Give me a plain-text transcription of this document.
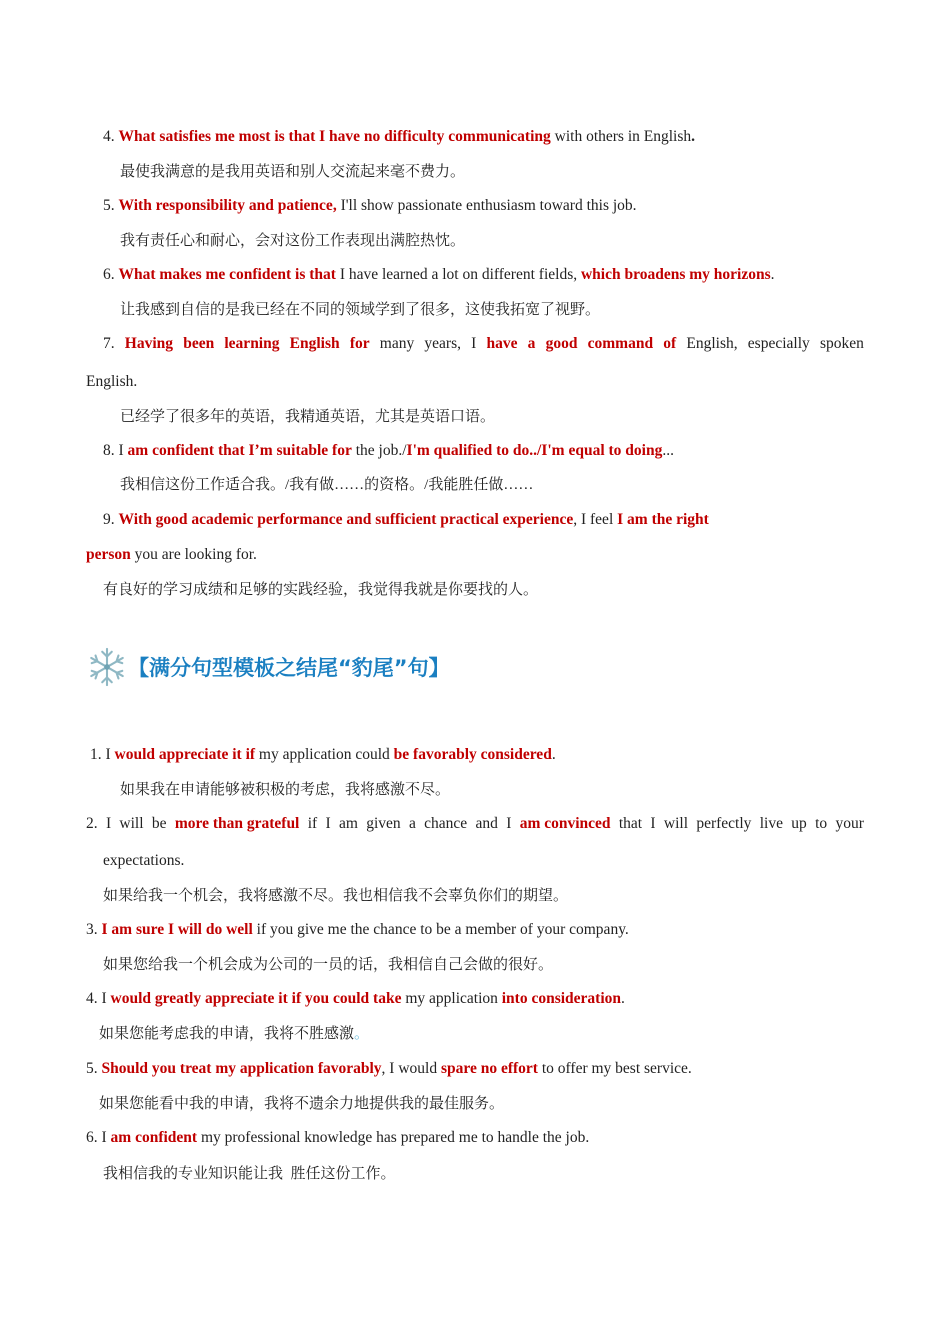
4. What satisfies me most is that I have no difficulty communicating with others in English.
最使我满意的是我用英语和别人交流起来毫不费力。
5. With responsibility and patience, I'll show passionate enthusiasm toward this job.
我有责任心和耐心，会对这份工作表现出满腔热忱。
6. What makes me confident is that I have learned a lot on different fields, which broadens my horizons.
让我感到自信的是我已经在不同的领域学到了很多，这使我拓宽了视野。
7. Having been learning English for many years, I have a good command of English, especially spoken
English.
已经学了很多年的英语，我精通英语，尤其是英语口语。
8. I am confident that I’m suitable for the job./I'm qualified to do../I'm equal to doing...
我相信这份工作适合我。/我有做……的资格。/我能胜任做……
9. With good academic performance and sufficient practical experience, I feel I am the right
person you are looking for.
有良好的学习成绩和足够的实践经验，我觉得我就是你要找的人。
【满分句型模板之结尾“豹尾”句】
1. I would appreciate it if my application could be favorably considered.
如果我在申请能够被积极的考虑，我将感激不尽。
2. I will be more than grateful if I am given a chance and I am convinced that I will perfectly live up to your
expectations.
如果给我一个机会，我将感激不尽。我也相信我不会辜负你们的期望。
3. I am sure I will do well if you give me the chance to be a member of your company.
如果您给我一个机会成为公司的一员的话，我相信自己会做的很好。
4. I would greatly appreciate it if you could take my application into consideration.
如果您能考虑我的申请，我将不胜感激。
5. Should you treat my application favorably, I would spare no effort to offer my best service.
如果您能看中我的申请，我将不遗余力地提供我的最佳服务。
6. I am confident my professional knowledge has prepared me to handle the job.
我相信我的专业知识能让我  胜任这份工作。
